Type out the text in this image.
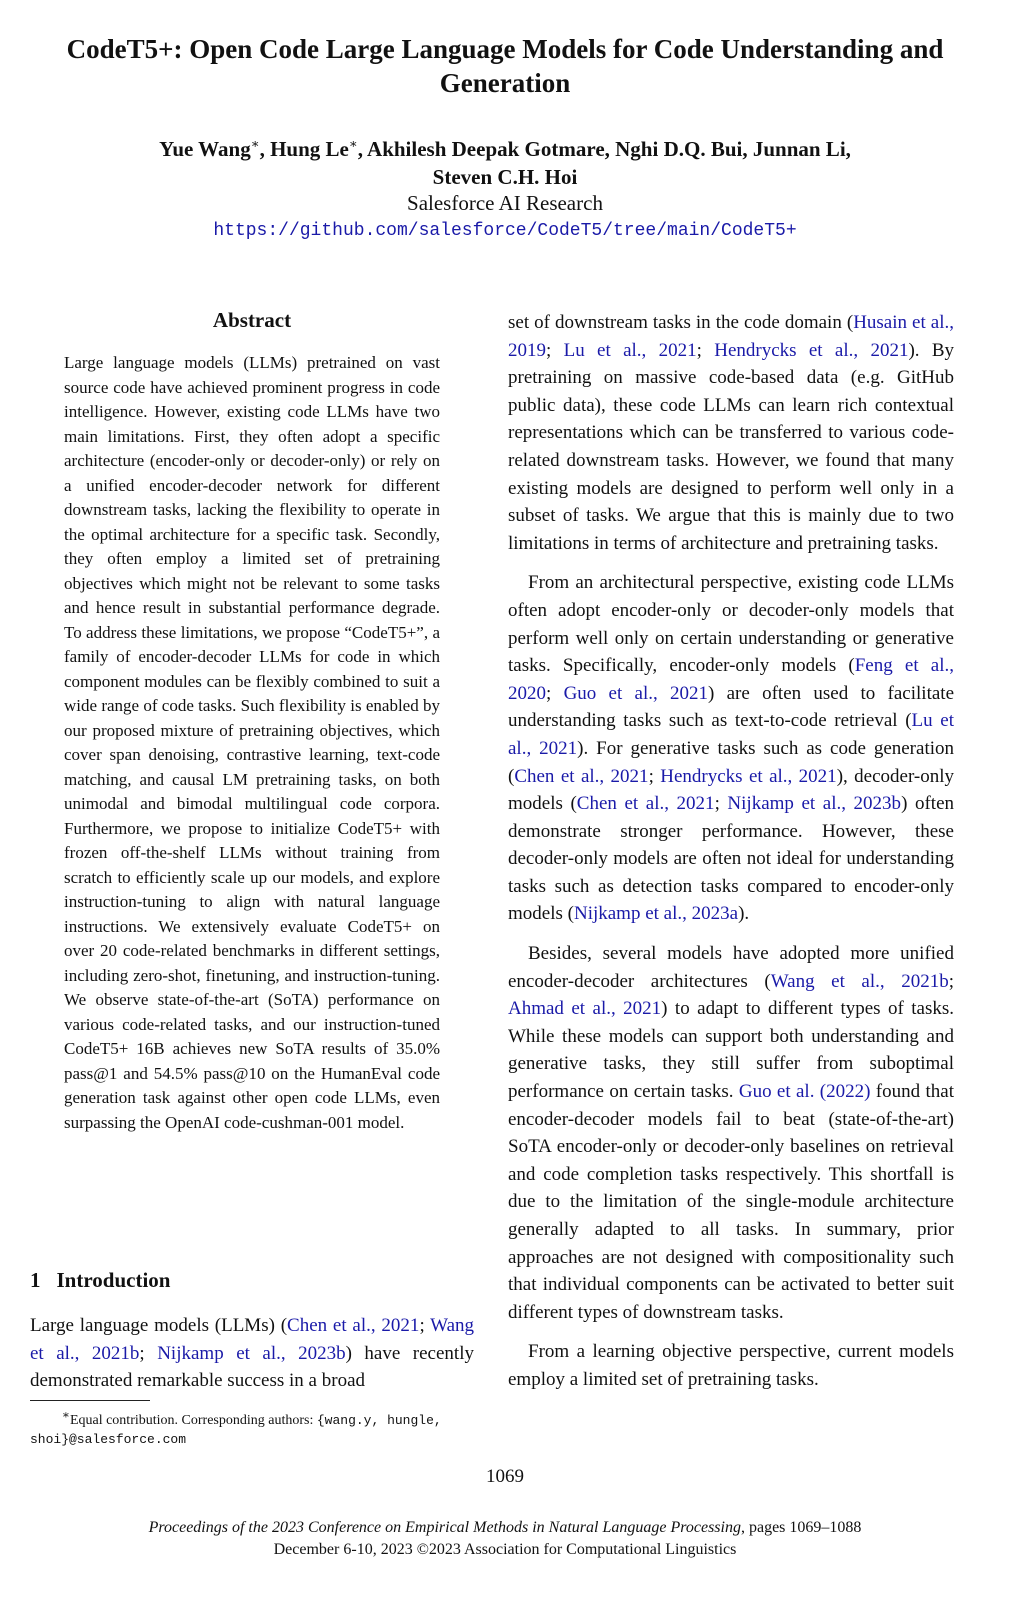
CodeT5+: Open Code Large Language Models for Code Understanding and Generation
Yue Wang∗, Hung Le∗, Akhilesh Deepak Gotmare, Nghi D.Q. Bui, Junnan Li,
Steven C.H. Hoi
Salesforce AI Research
https://github.com/salesforce/CodeT5/tree/main/CodeT5+
Abstract
Large language models (LLMs) pretrained on vast source code have achieved prominent progress in code intelligence. However, existing code LLMs have two main limitations. First, they often adopt a specific architecture (encoder-only or decoder-only) or rely on a unified encoder-decoder network for different downstream tasks, lacking the flexibility to operate in the optimal architecture for a specific task. Secondly, they often employ a limited set of pretraining objectives which might not be relevant to some tasks and hence result in substantial performance degrade. To address these limitations, we propose “CodeT5+”, a family of encoder-decoder LLMs for code in which component modules can be flexibly combined to suit a wide range of code tasks. Such flexibility is enabled by our proposed mixture of pretraining objectives, which cover span denoising, contrastive learning, text-code matching, and causal LM pretraining tasks, on both unimodal and bimodal multilingual code corpora. Furthermore, we propose to initialize CodeT5+ with frozen off-the-shelf LLMs without training from scratch to efficiently scale up our models, and explore instruction-tuning to align with natural language instructions. We extensively evaluate CodeT5+ on over 20 code-related benchmarks in different settings, including zero-shot, finetuning, and instruction-tuning. We observe state-of-the-art (SoTA) performance on various code-related tasks, and our instruction-tuned CodeT5+ 16B achieves new SoTA results of 35.0% pass@1 and 54.5% pass@10 on the HumanEval code generation task against other open code LLMs, even surpassing the OpenAI code-cushman-001 model.
1 Introduction
Large language models (LLMs) (Chen et al., 2021; Wang et al., 2021b; Nijkamp et al., 2023b) have recently demonstrated remarkable success in a broad
∗Equal contribution. Corresponding authors: {wang.y, hungle, shoi}@salesforce.com

set of downstream tasks in the code domain (Husain et al., 2019; Lu et al., 2021; Hendrycks et al., 2021). By pretraining on massive code-based data (e.g. GitHub public data), these code LLMs can learn rich contextual representations which can be transferred to various code-related downstream tasks. However, we found that many existing models are designed to perform well only in a subset of tasks. We argue that this is mainly due to two limitations in terms of architecture and pretraining tasks.

From an architectural perspective, existing code LLMs often adopt encoder-only or decoder-only models that perform well only on certain understanding or generative tasks. Specifically, encoder-only models (Feng et al., 2020; Guo et al., 2021) are often used to facilitate understanding tasks such as text-to-code retrieval (Lu et al., 2021). For generative tasks such as code generation (Chen et al., 2021; Hendrycks et al., 2021), decoder-only models (Chen et al., 2021; Nijkamp et al., 2023b) often demonstrate stronger performance. However, these decoder-only models are often not ideal for understanding tasks such as detection tasks compared to encoder-only models (Nijkamp et al., 2023a).

Besides, several models have adopted more unified encoder-decoder architectures (Wang et al., 2021b; Ahmad et al., 2021) to adapt to different types of tasks. While these models can support both understanding and generative tasks, they still suffer from suboptimal performance on certain tasks. Guo et al. (2022) found that encoder-decoder models fail to beat (state-of-the-art) SoTA encoder-only or decoder-only baselines on retrieval and code completion tasks respectively. This shortfall is due to the limitation of the single-module architecture generally adapted to all tasks. In summary, prior approaches are not designed with compositionality such that individual components can be activated to better suit different types of downstream tasks.

From a learning objective perspective, current models employ a limited set of pretraining tasks.

1069
Proceedings of the 2023 Conference on Empirical Methods in Natural Language Processing, pages 1069–1088
December 6-10, 2023 ©2023 Association for Computational Linguistics
